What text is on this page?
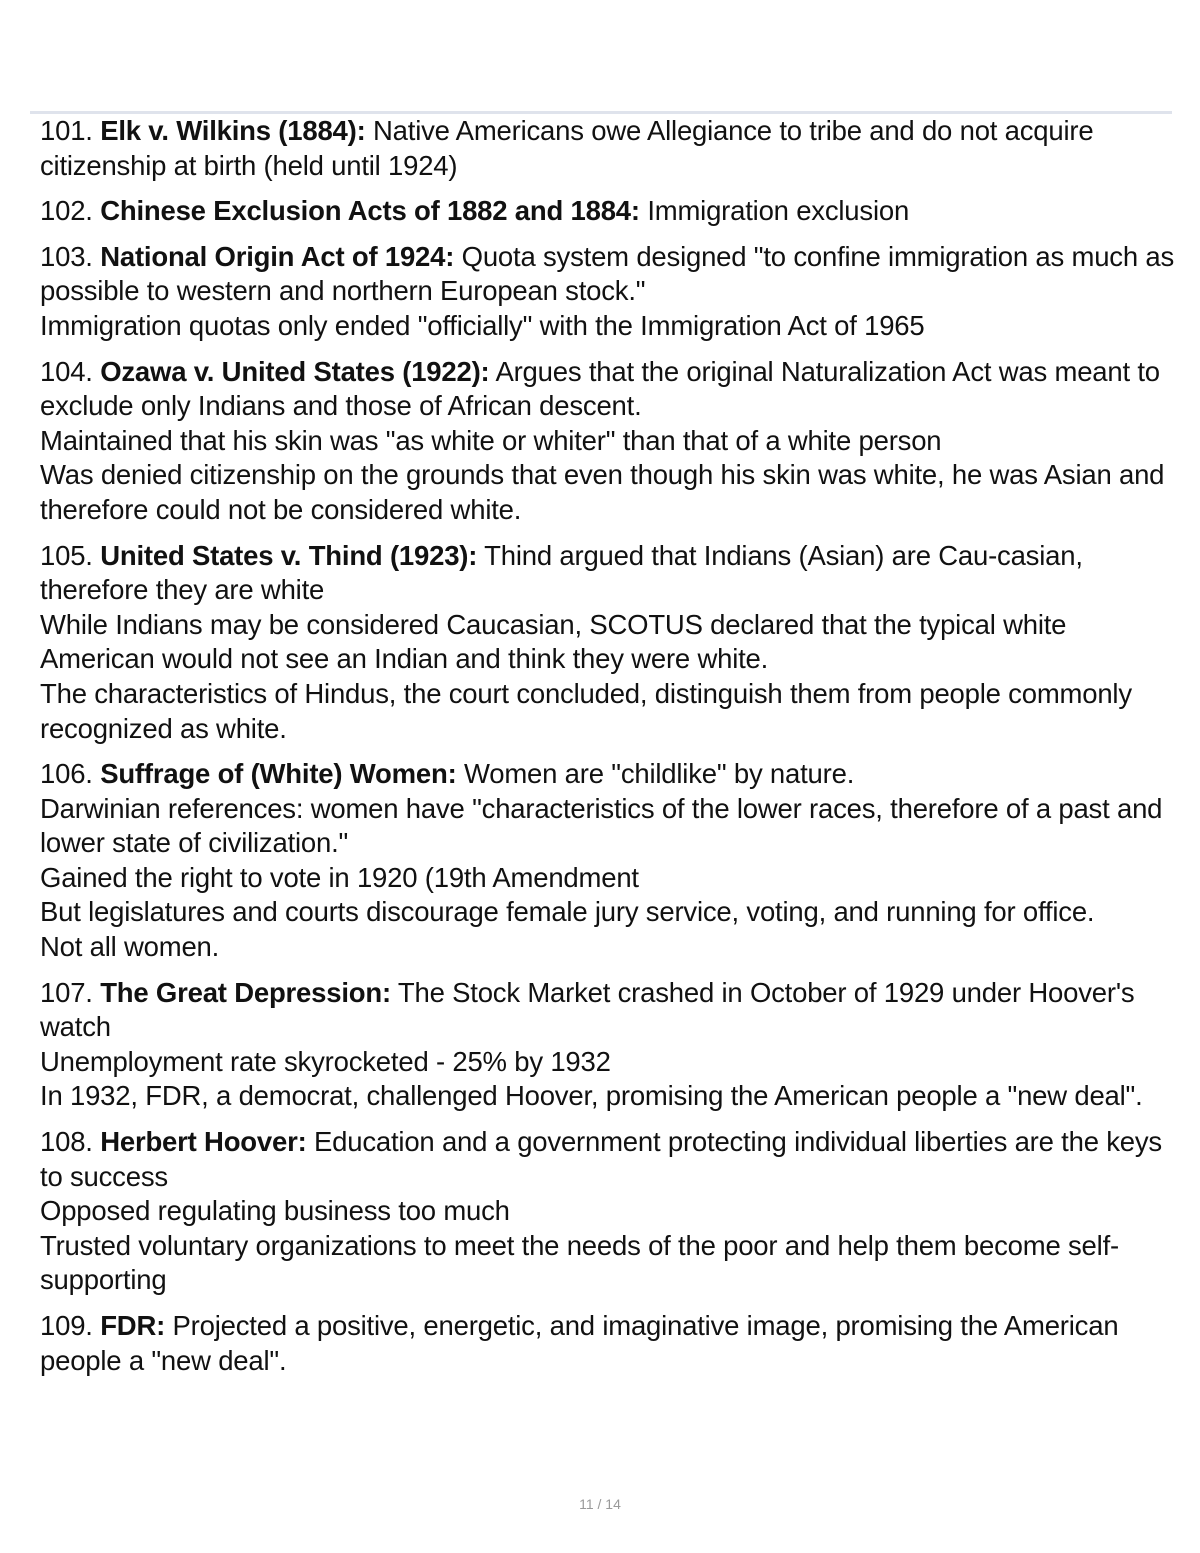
101. Elk v. Wilkins (1884): Native Americans owe Allegiance to tribe and do not acquire citizenship at birth (held until 1924)
102. Chinese Exclusion Acts of 1882 and 1884: Immigration exclusion
103. National Origin Act of 1924: Quota system designed "to confine immigration as much as possible to western and northern European stock."
Immigration quotas only ended "officially" with the Immigration Act of 1965
104. Ozawa v. United States (1922): Argues that the original Naturalization Act was meant to exclude only Indians and those of African descent.
Maintained that his skin was "as white or whiter" than that of a white person
Was denied citizenship on the grounds that even though his skin was white, he was Asian and therefore could not be considered white.
105. United States v. Thind (1923): Thind argued that Indians (Asian) are Cau-casian, therefore they are white
While Indians may be considered Caucasian, SCOTUS declared that the typical white American would not see an Indian and think they were white.
The characteristics of Hindus, the court concluded, distinguish them from people commonly recognized as white.
106. Suffrage of (White) Women: Women are "childlike" by nature.
Darwinian references: women have "characteristics of the lower races, therefore of a past and lower state of civilization."
Gained the right to vote in 1920 (19th Amendment
But legislatures and courts discourage female jury service, voting, and running for office.
Not all women.
107. The Great Depression: The Stock Market crashed in October of 1929 under Hoover's watch
Unemployment rate skyrocketed - 25% by 1932
In 1932, FDR, a democrat, challenged Hoover, promising the American people a "new deal".
108. Herbert Hoover: Education and a government protecting individual liberties are the keys to success
Opposed regulating business too much
Trusted voluntary organizations to meet the needs of the poor and help them become self-supporting
109. FDR: Projected a positive, energetic, and imaginative image, promising the American people a "new deal".
11 / 14
